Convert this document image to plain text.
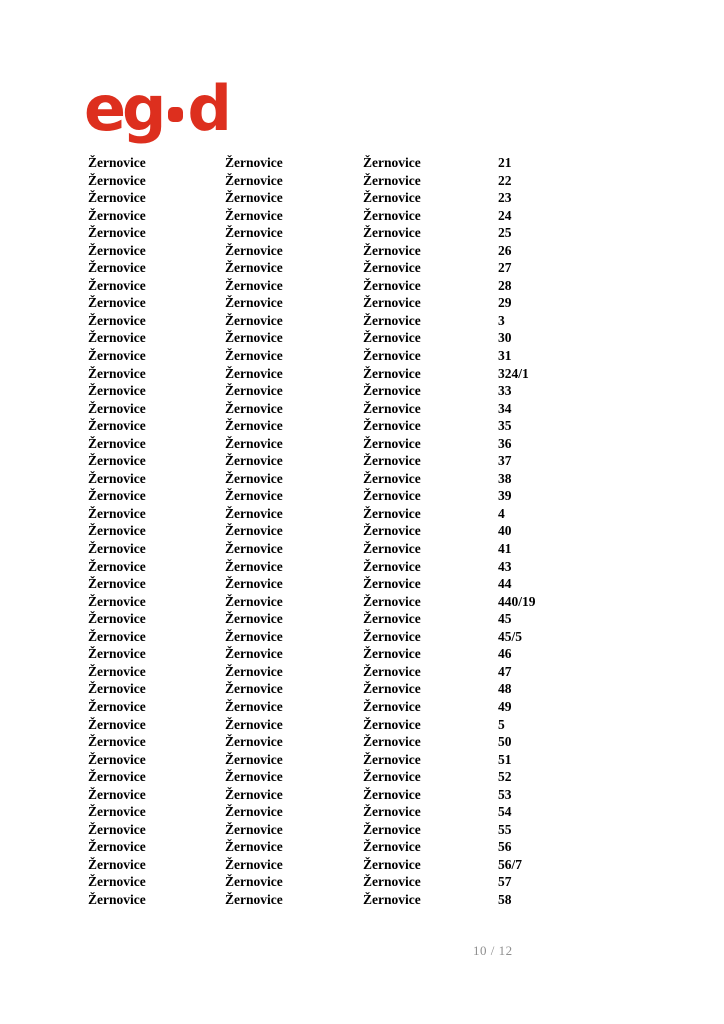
eg d
Žernovice	Žernovice	Žernovice	21
Žernovice	Žernovice	Žernovice	22
Žernovice	Žernovice	Žernovice	23
Žernovice	Žernovice	Žernovice	24
Žernovice	Žernovice	Žernovice	25
Žernovice	Žernovice	Žernovice	26
Žernovice	Žernovice	Žernovice	27
Žernovice	Žernovice	Žernovice	28
Žernovice	Žernovice	Žernovice	29
Žernovice	Žernovice	Žernovice	3
Žernovice	Žernovice	Žernovice	30
Žernovice	Žernovice	Žernovice	31
Žernovice	Žernovice	Žernovice	324/1
Žernovice	Žernovice	Žernovice	33
Žernovice	Žernovice	Žernovice	34
Žernovice	Žernovice	Žernovice	35
Žernovice	Žernovice	Žernovice	36
Žernovice	Žernovice	Žernovice	37
Žernovice	Žernovice	Žernovice	38
Žernovice	Žernovice	Žernovice	39
Žernovice	Žernovice	Žernovice	4
Žernovice	Žernovice	Žernovice	40
Žernovice	Žernovice	Žernovice	41
Žernovice	Žernovice	Žernovice	43
Žernovice	Žernovice	Žernovice	44
Žernovice	Žernovice	Žernovice	440/19
Žernovice	Žernovice	Žernovice	45
Žernovice	Žernovice	Žernovice	45/5
Žernovice	Žernovice	Žernovice	46
Žernovice	Žernovice	Žernovice	47
Žernovice	Žernovice	Žernovice	48
Žernovice	Žernovice	Žernovice	49
Žernovice	Žernovice	Žernovice	5
Žernovice	Žernovice	Žernovice	50
Žernovice	Žernovice	Žernovice	51
Žernovice	Žernovice	Žernovice	52
Žernovice	Žernovice	Žernovice	53
Žernovice	Žernovice	Žernovice	54
Žernovice	Žernovice	Žernovice	55
Žernovice	Žernovice	Žernovice	56
Žernovice	Žernovice	Žernovice	56/7
Žernovice	Žernovice	Žernovice	57
Žernovice	Žernovice	Žernovice	58
10 / 12
